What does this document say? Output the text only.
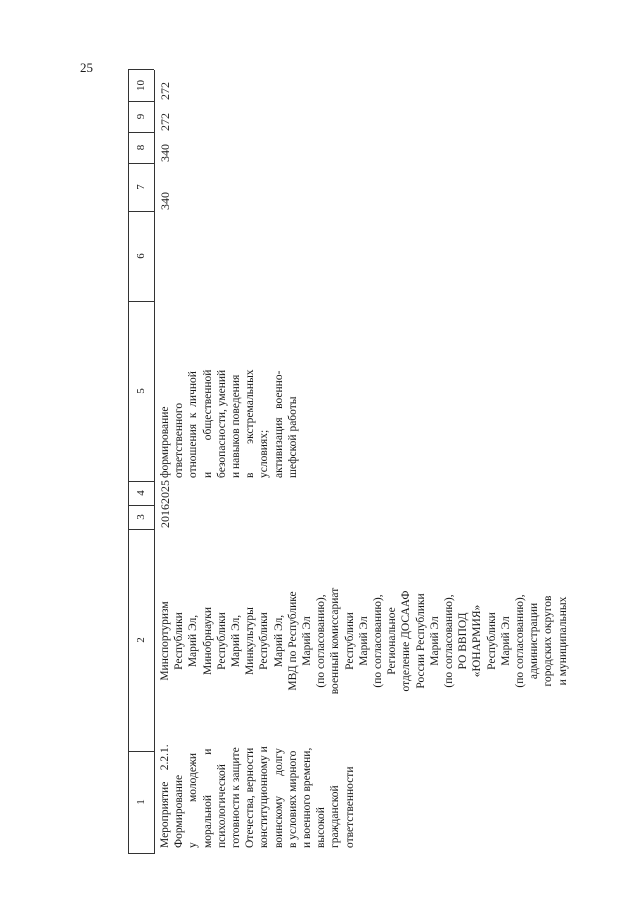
25
1
2
3
4
5
6
7
8
9
10
Мероприятие    2.2.1.
Формирование
у              молодежи
моральной              и
психологической
готовности к защите
Отечества, верности
конституционному и
воинскому       долгу
в условиях мирного
и военного времени,
высокой
гражданской
ответственности
Минспортуризм
Республики
Марий Эл,
Минобрнауки
Республики
Марий Эл,
Минкультуры
Республики
Марий Эл,
МВД по Республике
Марий Эл
(по согласованию),
военный комиссариат
Республики
Марий Эл
(по согласованию),
Региональное
отделение ДОСААФ
России Республики
Марий Эл
(по согласованию),
РО ВВПОД
«ЮНАРМИЯ»
Республики
Марий Эл
(по согласованию),
администрации
городских округов
и муниципальных
2016
2025
формирование
ответственного
отношения  к  личной
и           общественной
безопасности, умений
и навыков поведения
в          экстремальных
условиях;
активизация   военно-
шефской работы
340
340
272
272
